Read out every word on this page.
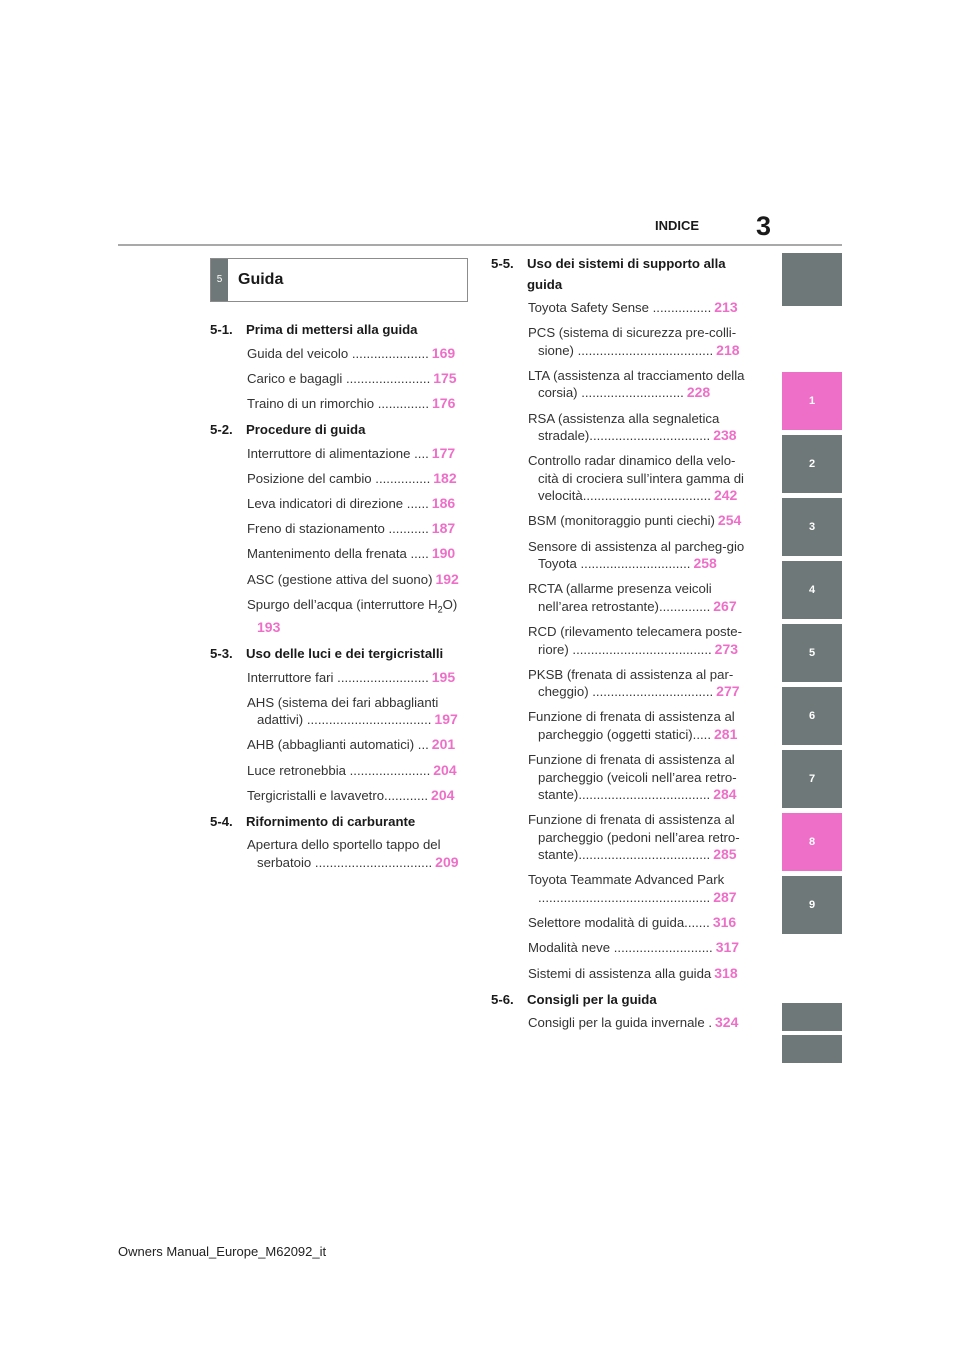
3
INDICE
5 Guida
5-1.	Prima di mettersi alla guida
Guida del veicolo ..................... 169
Carico e bagagli ....................... 175
Traino di un rimorchio .............. 176
5-2.	Procedure di guida
Interruttore di alimentazione .... 177
Posizione del cambio ............... 182
Leva indicatori di direzione ...... 186
Freno di stazionamento ........... 187
Mantenimento della frenata ..... 190
ASC (gestione attiva del suono) 192
Spurgo dell’acqua (interruttore $H_2O$)
193
5-3.	Uso delle luci e dei tergicristalli
Interruttore fari ......................... 195
AHS (sistema dei fari abbaglianti adattivi) .................................. 197
AHB (abbaglianti automatici) ... 201
Luce retronebbia ...................... 204
Tergicristalli e lavavetro............ 204
5-4.	Rifornimento di carburante
Apertura dello sportello tappo del serbatoio ................................ 209
5-5.	Uso dei sistemi di supporto alla guida
Toyota Safety Sense ................ 213
PCS (sistema di sicurezza pre-colli-sione) ..................................... 218
LTA (assistenza al tracciamento della corsia) ............................ 228
RSA (assistenza alla segnaletica stradale)................................. 238
Controllo radar dinamico della velo-cità di crociera sull’intera gamma di velocità................................... 242
BSM (monitoraggio punti ciechi) 254
Sensore di assistenza al parcheg-gio Toyota .............................. 258
RCTA (allarme presenza veicoli nell’area retrostante).............. 267
RCD (rilevamento telecamera poste-riore) ...................................... 273
PKSB (frenata di assistenza al par-cheggio) ................................. 277
Funzione di frenata di assistenza al parcheggio (oggetti statici)..... 281
Funzione di frenata di assistenza al parcheggio (veicoli nell’area retro-stante).................................... 284
Funzione di frenata di assistenza al parcheggio (pedoni nell’area retro-stante).................................... 285
Toyota Teammate Advanced Park ............................................... 287
Selettore modalità di guida....... 316
Modalità neve ........................... 317
Sistemi di assistenza alla guida 318
5-6.	Consigli per la guida
Consigli per la guida invernale . 324
1
2
3
4
5
6
7
8
9
Owners Manual_Europe_M62092_it
